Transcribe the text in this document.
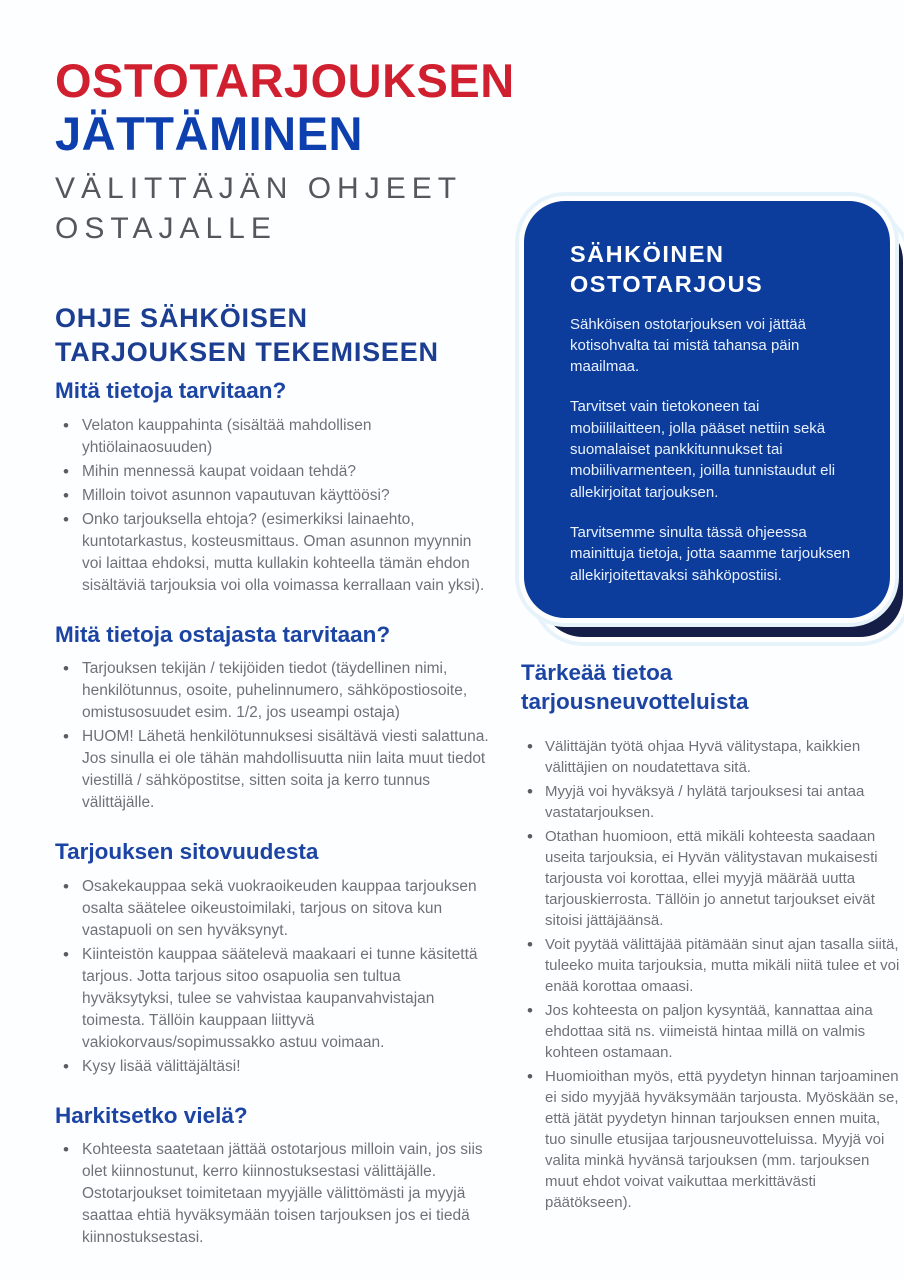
OSTOTARJOUKSEN
JÄTTÄMINEN
VÄLITTÄJÄN OHJEET OSTAJALLE
OHJE SÄHKÖISEN TARJOUKSEN TEKEMISEEN
Mitä tietoja tarvitaan?
• Velaton kauppahinta (sisältää mahdollisen yhtiölainaosuuden)
• Mihin mennessä kaupat voidaan tehdä?
• Milloin toivot asunnon vapautuvan käyttöösi?
• Onko tarjouksella ehtoja? (esimerkiksi lainaehto, kuntotarkastus, kosteusmittaus. Oman asunnon myynnin voi laittaa ehdoksi, mutta kullakin kohteella tämän ehdon sisältäviä tarjouksia voi olla voimassa kerrallaan vain yksi).
Mitä tietoja ostajasta tarvitaan?
• Tarjouksen tekijän / tekijöiden tiedot (täydellinen nimi, henkilötunnus, osoite, puhelinnumero, sähköpostiosoite, omistusosuudet esim. 1/2, jos useampi ostaja)
• HUOM! Lähetä henkilötunnuksesi sisältävä viesti salattuna. Jos sinulla ei ole tähän mahdollisuutta niin laita muut tiedot viestillä / sähköpostitse, sitten soita ja kerro tunnus välittäjälle.
Tarjouksen sitovuudesta
• Osakekauppaa sekä vuokraoikeuden kauppaa tarjouksen osalta säätelee oikeustoimilaki, tarjous on sitova kun vastapuoli on sen hyväksynyt.
• Kiinteistön kauppaa säätelevä maakaari ei tunne käsitettä tarjous. Jotta tarjous sitoo osapuolia sen tultua hyväksytyksi, tulee se vahvistaa kaupanvahvistajan toimesta. Tällöin kauppaan liittyvä vakiokorvaus/sopimussakko astuu voimaan.
• Kysy lisää välittäjältäsi!
Harkitsetko vielä?
• Kohteesta saatetaan jättää ostotarjous milloin vain, jos siis olet kiinnostunut, kerro kiinnostuksestasi välittäjälle. Ostotarjoukset toimitetaan myyjälle välittömästi ja myyjä saattaa ehtiä hyväksymään toisen tarjouksen jos ei tiedä kiinnostuksestasi.
SÄHKÖINEN OSTOTARJOUS

Sähköisen ostotarjouksen voi jättää kotisohvalta tai mistä tahansa päin maailmaa.

Tarvitset vain tietokoneen tai mobiililaitteen, jolla pääset nettiin sekä suomalaiset pankkitunnukset tai mobiilivarmenteen, joilla tunnistaudut eli allekirjoitat tarjouksen.

Tarvitsemme sinulta tässä ohjeessa mainittuja tietoja, jotta saamme tarjouksen allekirjoitettavaksi sähköpostiisi.

Tärkeää tietoa tarjousneuvotteluista
• Välittäjän työtä ohjaa Hyvä välitystapa, kaikkien välittäjien on noudatettava sitä.
• Myyjä voi hyväksyä / hylätä tarjouksesi tai antaa vastatarjouksen.
• Otathan huomioon, että mikäli kohteesta saadaan useita tarjouksia, ei Hyvän välitystavan mukaisesti tarjousta voi korottaa, ellei myyjä määrää uutta tarjouskierrosta. Tällöin jo annetut tarjoukset eivät sitoisi jättäjäänsä.
• Voit pyytää välittäjää pitämään sinut ajan tasalla siitä, tuleeko muita tarjouksia, mutta mikäli niitä tulee et voi enää korottaa omaasi.
• Jos kohteesta on paljon kysyntää, kannattaa aina ehdottaa sitä ns. viimeistä hintaa millä on valmis kohteen ostamaan.
• Huomioithan myös, että pyydetyn hinnan tarjoaminen ei sido myyjää hyväksymään tarjousta. Myöskään se, että jätät pyydetyn hinnan tarjouksen ennen muita, tuo sinulle etusijaa tarjousneuvotteluissa. Myyjä voi valita minkä hyvänsä tarjouksen (mm. tarjouksen muut ehdot voivat vaikuttaa merkittävästi päätökseen).
